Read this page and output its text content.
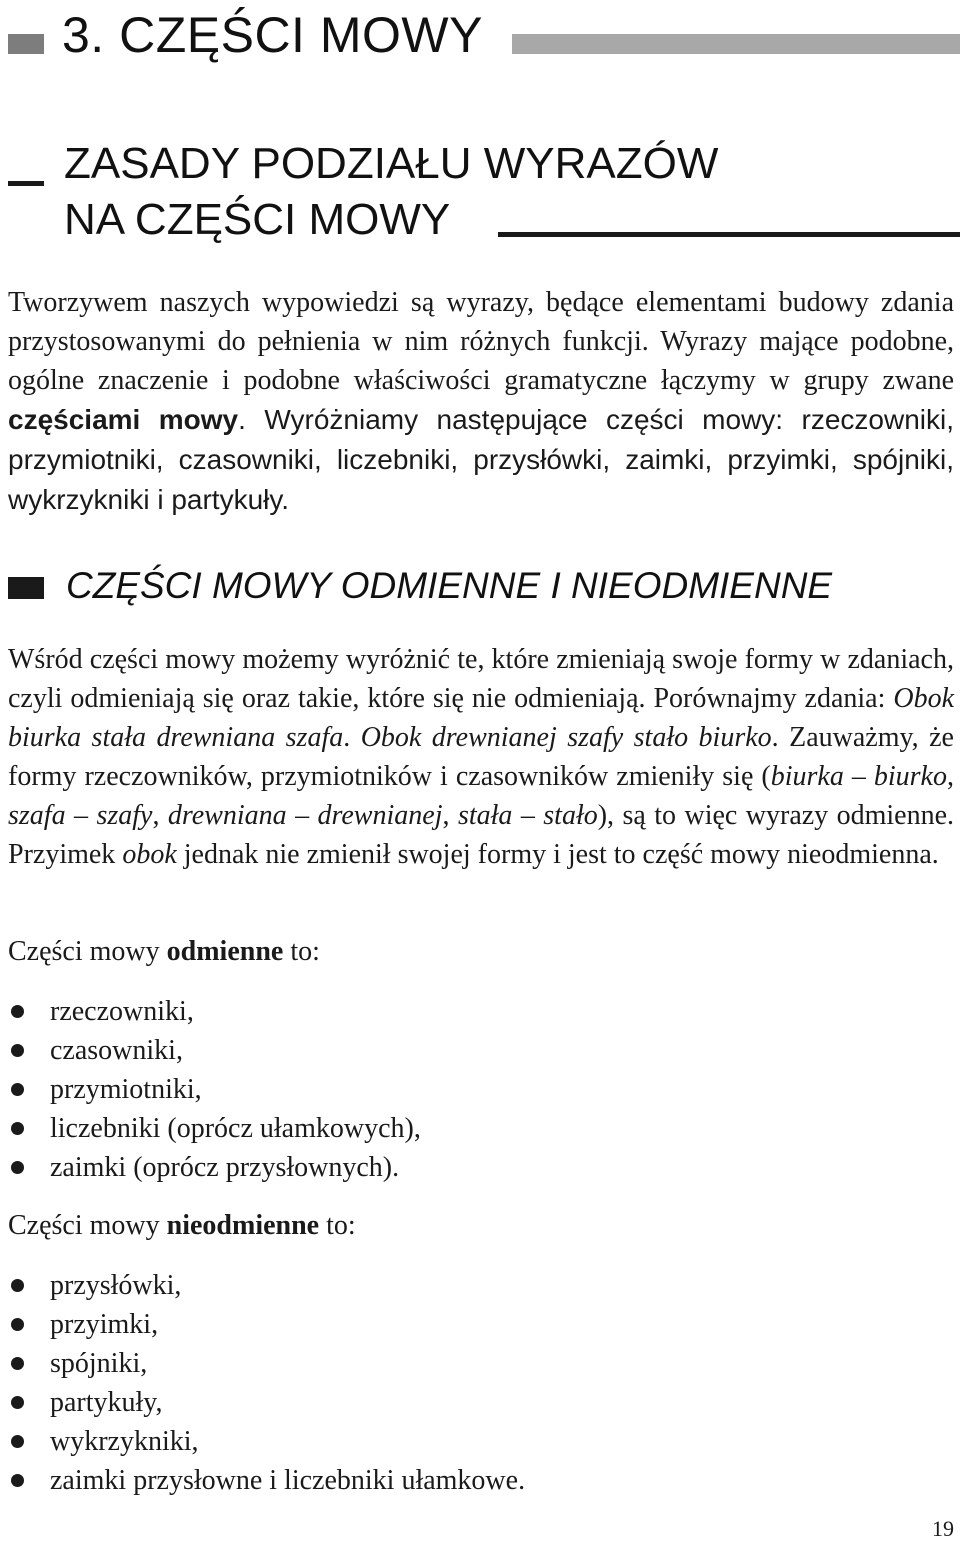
3. CZĘŚCI MOWY
ZASADY PODZIAŁU WYRAZÓW
NA CZĘŚCI MOWY

Tworzywem naszych wypowiedzi są wyrazy, będące elementami budowy zdania przystosowanymi do pełnienia w nim różnych funkcji. Wyrazy mające podobne, ogólne znaczenie i podobne właściwości gramatyczne łączymy w grupy zwane częściami mowy. Wyróżniamy następujące części mowy: rzeczowniki, przymiotniki, czasowniki, liczebniki, przysłówki, zaimki, przyimki, spójniki, wykrzykniki i partykuły.

CZĘŚCI MOWY ODMIENNE I NIEODMIENNE

Wśród części mowy możemy wyróżnić te, które zmieniają swoje formy w zdaniach, czyli odmieniają się oraz takie, które się nie odmieniają. Porównajmy zdania: Obok biurka stała drewniana szafa. Obok drewnianej szafy stało biurko. Zauważmy, że formy rzeczowników, przymiotników i czasowników zmieniły się (biurka – biurko, szafa – szafy, drewniana – drewnianej, stała – stało), są to więc wyrazy odmienne. Przyimek obok jednak nie zmienił swojej formy i jest to część mowy nieodmienna.

Części mowy odmienne to:

rzeczowniki,
czasowniki,
przymiotniki,
liczebniki (oprócz ułamkowych),
zaimki (oprócz przysłownych).

Części mowy nieodmienne to:

przysłówki,
przyimki,
spójniki,
partykuły,
wykrzykniki,
zaimki przysłowne i liczebniki ułamkowe.
19
